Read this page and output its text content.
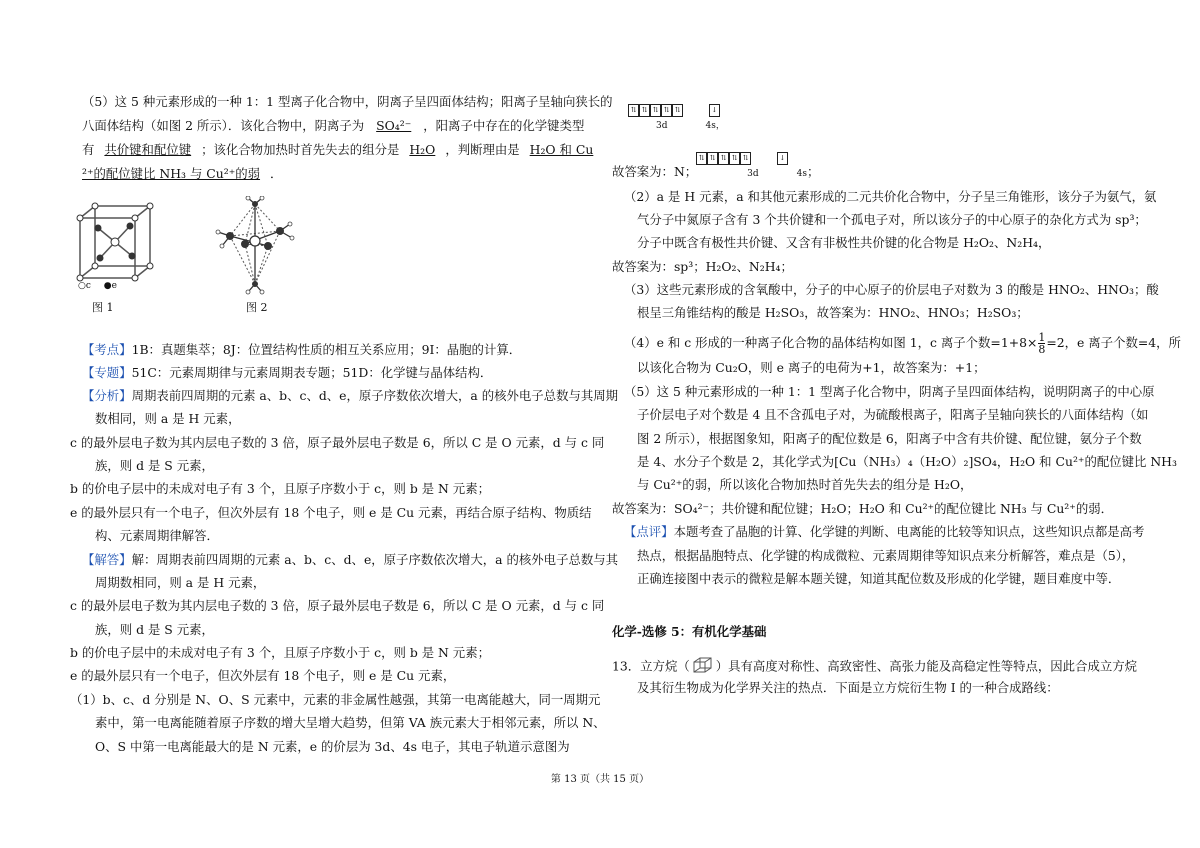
（5）这 5 种元素形成的一种 1：1 型离子化合物中，阴离子呈四面体结构；阳离子呈轴向狭长的
八面体结构（如图 2 所示）．该化合物中，阴离子为 SO₄²⁻ ，阳离子中存在的化学键类型
有 共价键和配位键 ；该化合物加热时首先失去的组分是 H₂O ，判断理由是 H₂O 和 Cu
²⁺的配位键比 NH₃ 与 Cu²⁺的弱 ．
○c ●e
图 1	图 2
【考点】1B：真题集萃；8J：位置结构性质的相互关系应用；9I：晶胞的计算．
【专题】51C：元素周期律与元素周期表专题；51D：化学键与晶体结构．
【分析】周期表前四周期的元素 a、b、c、d、e，原子序数依次增大，a 的核外电子总数与其周期
数相同，则 a 是 H 元素，
c 的最外层电子数为其内层电子数的 3 倍，原子最外层电子数是 6，所以 C 是 O 元素，d 与 c 同
族，则 d 是 S 元素，
b 的价电子层中的未成对电子有 3 个，且原子序数小于 c，则 b 是 N 元素；
e 的最外层只有一个电子，但次外层有 18 个电子，则 e 是 Cu 元素，再结合原子结构、物质结
构、元素周期律解答．
【解答】解：周期表前四周期的元素 a、b、c、d、e，原子序数依次增大，a 的核外电子总数与其
周期数相同，则 a 是 H 元素，
c 的最外层电子数为其内层电子数的 3 倍，原子最外层电子数是 6，所以 C 是 O 元素，d 与 c 同
族，则 d 是 S 元素，
b 的价电子层中的未成对电子有 3 个，且原子序数小于 c，则 b 是 N 元素；
e 的最外层只有一个电子，但次外层有 18 个电子，则 e 是 Cu 元素，
（1）b、c、d 分别是 N、O、S 元素中，元素的非金属性越强，其第一电离能越大，同一周期元
素中，第一电离能随着原子序数的增大呈增大趋势，但第 VA 族元素大于相邻元素，所以 N、
O、S 中第一电离能最大的是 N 元素，e 的价层为 3d、4s 电子，其电子轨道示意图为
⇅ ⇅ ⇅ ⇅ ⇅	↓
3d	4s，
⇅ ⇅ ⇅ ⇅ ⇅	↓
故答案为：N；	3d	4s；
（2）a 是 H 元素，a 和其他元素形成的二元共价化合物中，分子呈三角锥形，该分子为氨气，氨
气分子中氮原子含有 3 个共价键和一个孤电子对，所以该分子的中心原子的杂化方式为 sp³；
分子中既含有极性共价键、又含有非极性共价键的化合物是 H₂O₂、N₂H₄，
故答案为：sp³；H₂O₂、N₂H₄；
（3）这些元素形成的含氧酸中，分子的中心原子的价层电子对数为 3 的酸是 HNO₂、HNO₃；酸
根呈三角锥结构的酸是 H₂SO₃，故答案为：HNO₂、HNO₃；H₂SO₃；
（4）e 和 c 形成的一种离子化合物的晶体结构如图 1，c 离子个数$=1+8\times \frac{1}{8} =2$，e 离子个数=4，所
以该化合物为 Cu₂O，则 e 离子的电荷为+1，故答案为：+1；
（5）这 5 种元素形成的一种 1：1 型离子化合物中，阴离子呈四面体结构，说明阴离子的中心原
子价层电子对个数是 4 且不含孤电子对，为硫酸根离子，阳离子呈轴向狭长的八面体结构（如
图 2 所示），根据图象知，阳离子的配位数是 6，阳离子中含有共价键、配位键，氨分子个数
是 4、水分子个数是 2，其化学式为[Cu（NH₃）₄（H₂O）₂]SO₄，H₂O 和 Cu²⁺的配位键比 NH₃
与 Cu²⁺的弱，所以该化合物加热时首先失去的组分是 H₂O，
故答案为：SO₄²⁻；共价键和配位键；H₂O；H₂O 和 Cu²⁺的配位键比 NH₃ 与 Cu²⁺的弱．
【点评】本题考查了晶胞的计算、化学键的判断、电离能的比较等知识点，这些知识点都是高考
热点，根据晶胞特点、化学键的构成微粒、元素周期律等知识点来分析解答，难点是（5），
正确连接图中表示的微粒是解本题关键，知道其配位数及形成的化学键，题目难度中等．
化学-选修 5：有机化学基础
13．立方烷（ ）具有高度对称性、高致密性、高张力能及高稳定性等特点，因此合成立方烷
及其衍生物成为化学界关注的热点．下面是立方烷衍生物 I 的一种合成路线：
第 13 页（共 15 页）
